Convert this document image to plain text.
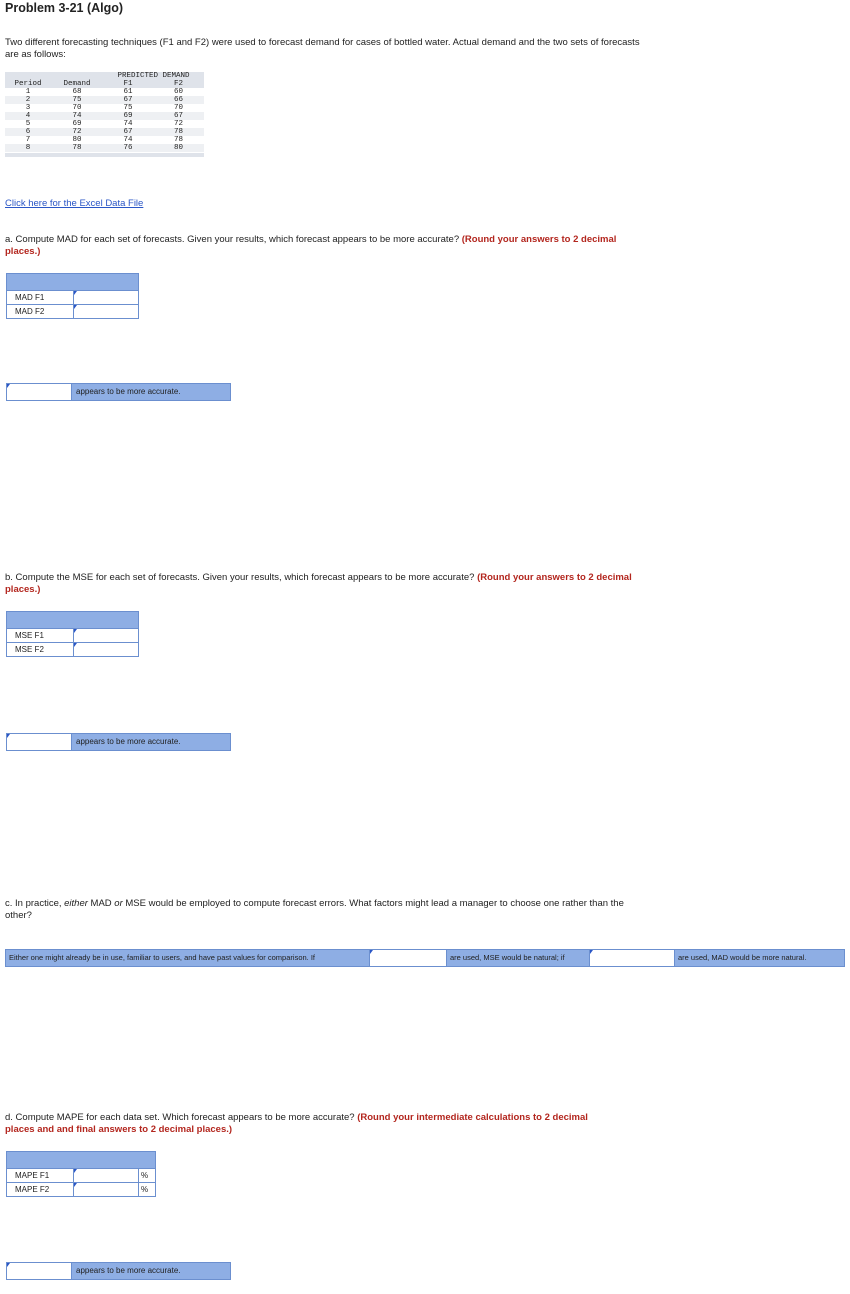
Problem 3-21 (Algo)
Two different forecasting techniques (F1 and F2) were used to forecast demand for cases of bottled water. Actual demand and the two sets of forecasts are as follows:
		PREDICTED DEMAND	
Period	Demand	F1	F2
1	68	61	60
2	75	67	66
3	70	75	70
4	74	69	67
5	69	74	72
6	72	67	78
7	80	74	78
8	78	76	80
Click here for the Excel Data File
a. Compute MAD for each set of forecasts. Given your results, which forecast appears to be more accurate? (Round your answers to 2 decimal places.)

MAD F1	

MAD F2	
appears to be more accurate.
b. Compute the MSE for each set of forecasts. Given your results, which forecast appears to be more accurate? (Round your answers to 2 decimal places.)

MSE F1	

MSE F2	
appears to be more accurate.
c. In practice, either MAD or MSE would be employed to compute forecast errors. What factors might lead a manager to choose one rather than the other?
Either one might already be in use, familiar to users, and have past values for comparison. If	are used, MSE would be natural; if	are used, MAD would be more natural.
d. Compute MAPE for each data set. Which forecast appears to be more accurate? (Round your intermediate calculations to 2 decimal places and and final answers to 2 decimal places.)

MAPE F1		%
MAPE F2		%
appears to be more accurate.
